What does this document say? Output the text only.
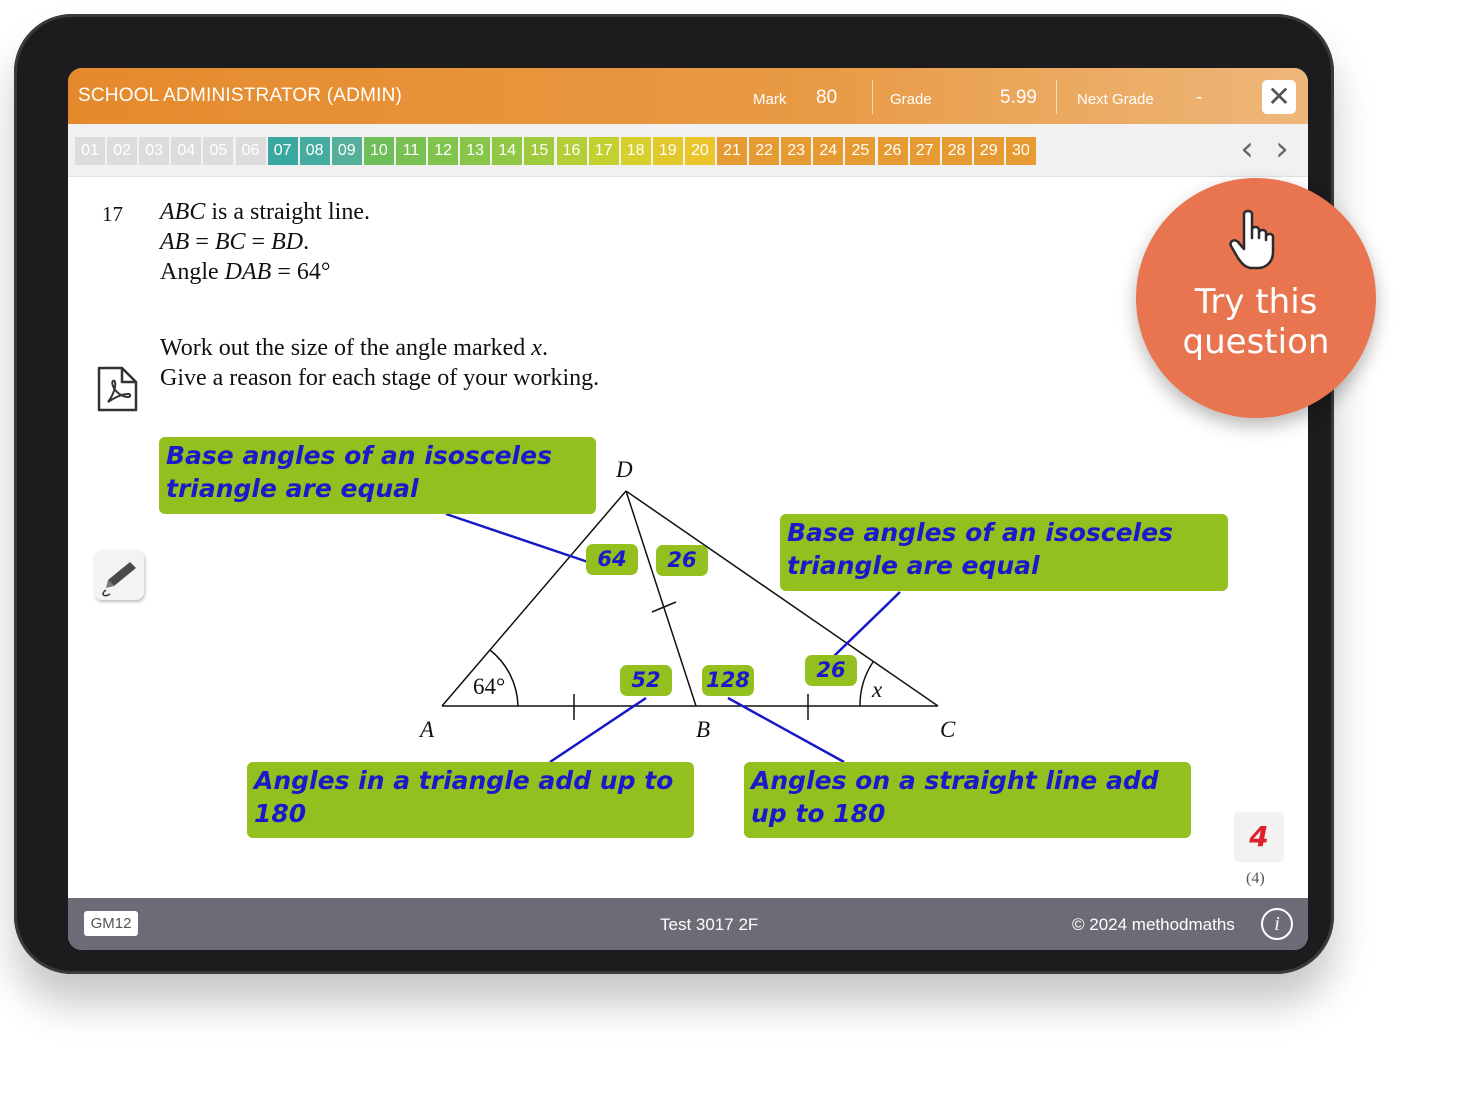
SCHOOL ADMINISTRATOR (ADMIN)	Mark 80	Grade	5.99	Next Grade - ✕
01 02 03 04 05 06 07 08 09 10 11 12 13 14 15 16 17 18 19 20 21 22 23 24 25 26 27 28 29 30	‹ ›
17 ABC is a straight line.
AB = BC = BD.
Angle DAB = 64°
Work out the size of the angle marked x.
Give a reason for each stage of your working.
D
A	B	C
64°	x
64	26
52	128	26
Base angles of an isosceles triangle are equal
Base angles of an isosceles triangle are equal
Angles in a triangle add up to 180
Angles on a straight line add up to 180
4
(4)
GM12	Test 3017 2F	© 2024 methodmaths	i
Try this question
